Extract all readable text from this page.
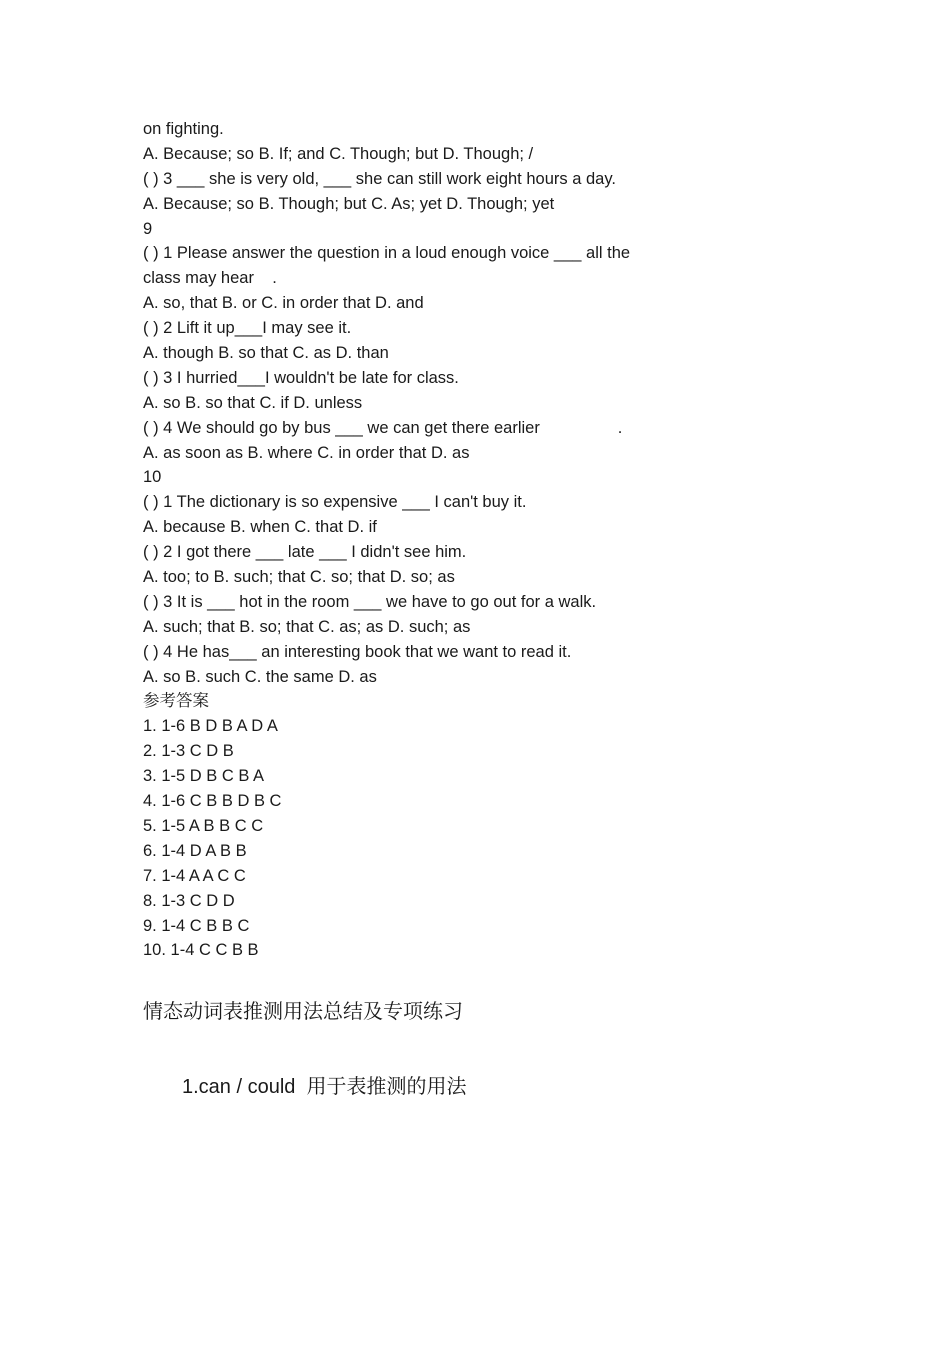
on fighting.

A. Because; so B. If; and C. Though; but D. Though; /

( ) 3 ___ she is very old, ___ she can still work eight hours a day.

A. Because; so B. Though; but C. As; yet D. Though; yet

9

( ) 1 Please answer the question in a loud enough voice ___ all the

class may hear    .

A. so, that B. or C. in order that D. and

( ) 2 Lift it up___I may see it.

A. though B. so that C. as D. than

( ) 3 I hurried___I wouldn't be late for class.

A. so B. so that C. if D. unless

( ) 4 We should go by bus ___ we can get there earlier                 .

A. as soon as B. where C. in order that D. as

10

( ) 1 The dictionary is so expensive ___ I can't buy it.

A. because B. when C. that D. if

( ) 2 I got there ___ late ___ I didn't see him.

A. too; to B. such; that C. so; that D. so; as

( ) 3 It is ___ hot in the room ___ we have to go out for a walk.

A. such; that B. so; that C. as; as D. such; as

( ) 4 He has___ an interesting book that we want to read it.

A. so B. such C. the same D. as

参考答案

1. 1-6 B D B A D A

2. 1-3 C D B

3. 1-5 D B C B A

4. 1-6 C B B D B C

5. 1-5 A B B C C

6. 1-4 D A B B

7. 1-4 A A C C

8. 1-3 C D D

9. 1-4 C B B C

10. 1-4 C C B B

情态动词表推测用法总结及专项练习
1.can / could  用于表推测的用法
